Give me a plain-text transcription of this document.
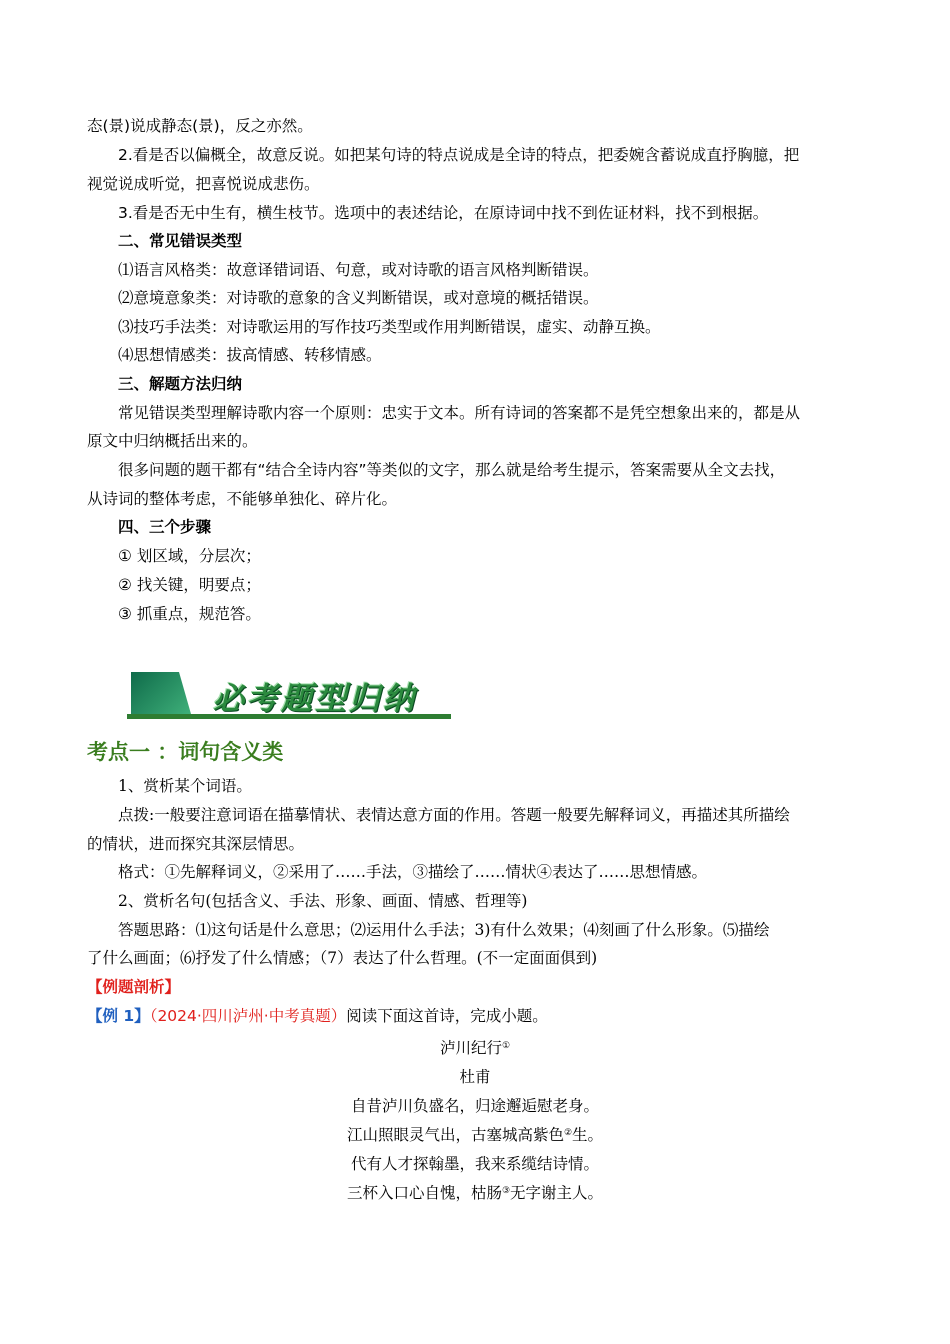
态(景)说成静态(景)，反之亦然。
2.看是否以偏概全，故意反说。如把某句诗的特点说成是全诗的特点，把委婉含蓄说成直抒胸臆，把
视觉说成听觉，把喜悦说成悲伤。
3.看是否无中生有，横生枝节。选项中的表述结论，在原诗词中找不到佐证材料，找不到根据。
二、常见错误类型
⑴语言风格类：故意译错词语、句意，或对诗歌的语言风格判断错误。
⑵意境意象类：对诗歌的意象的含义判断错误，或对意境的概括错误。
⑶技巧手法类：对诗歌运用的写作技巧类型或作用判断错误，虚实、动静互换。
⑷思想情感类：拔高情感、转移情感。
三、解题方法归纳
常见错误类型理解诗歌内容一个原则：忠实于文本。所有诗词的答案都不是凭空想象出来的，都是从
原文中归纳概括出来的。
很多问题的题干都有“结合全诗内容”等类似的文字，那么就是给考生提示，答案需要从全文去找，
从诗词的整体考虑，不能够单独化、碎片化。
四、三个步骤
① 划区域，分层次；
② 找关键，明要点；
③ 抓重点，规范答。
必考题型归纳
考点一 ：词句含义类
1、赏析某个词语。
点拨:一般要注意词语在描摹情状、表情达意方面的作用。答题一般要先解释词义，再描述其所描绘
的情状，进而探究其深层情思。
格式：①先解释词义，②采用了……手法，③描绘了……情状④表达了……思想情感。
2、赏析名句(包括含义、手法、形象、画面、情感、哲理等)
答题思路：⑴这句话是什么意思；⑵运用什么手法；3)有什么效果；⑷刻画了什么形象。⑸描绘
了什么画面；⑹抒发了什么情感；（7）表达了什么哲理。(不一定面面俱到)
【例题剖析】
【例 1】（2024·四川泸州·中考真题）阅读下面这首诗，完成小题。
泸川纪行①
杜甫
自昔泸川负盛名，归途邂逅慰老身。
江山照眼灵气出，古塞城高紫色②生。
代有人才探翰墨，我来系缆结诗情。
三杯入口心自愧，枯肠③无字谢主人。
